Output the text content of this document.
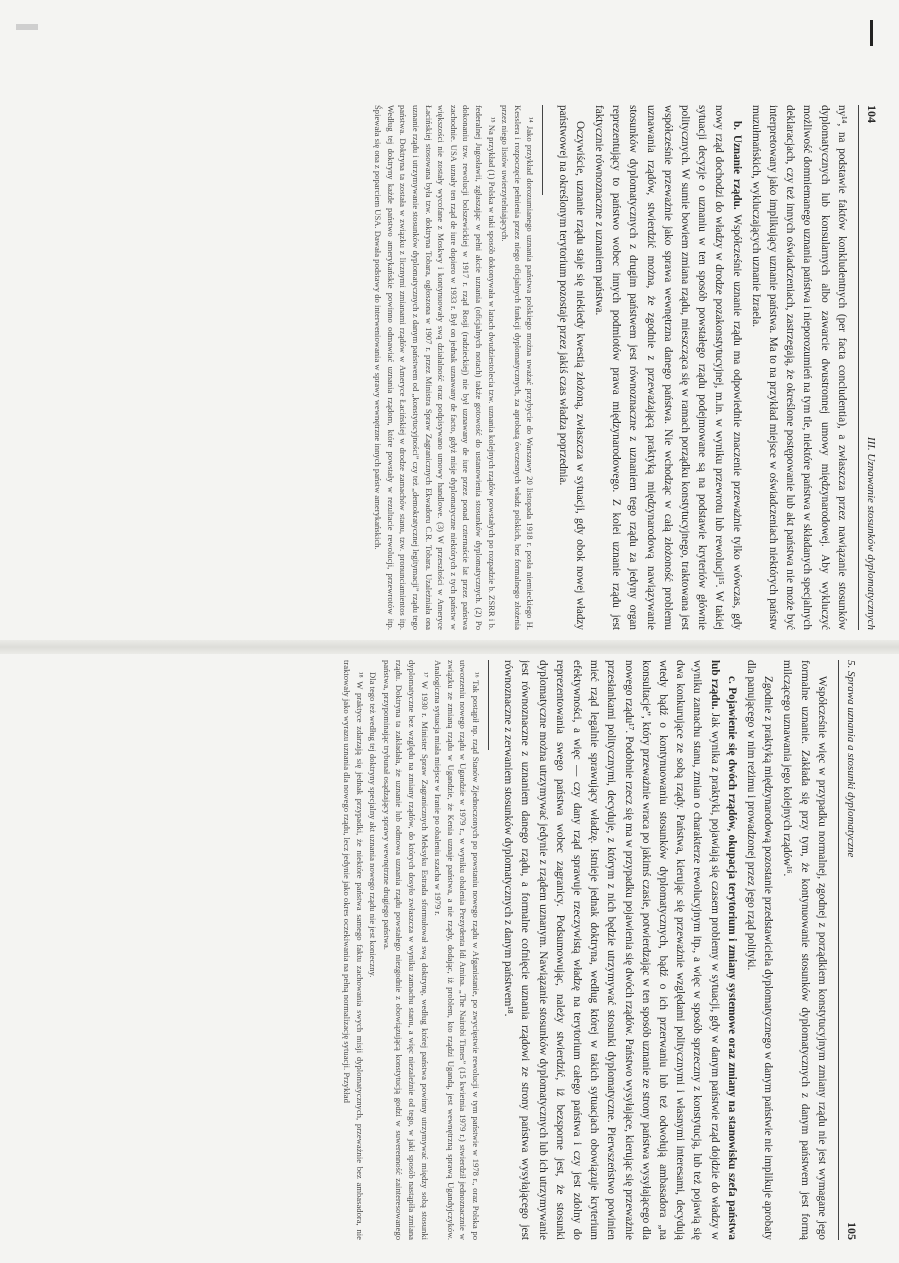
104
III. Uznawanie stosunków dyplomatycznych

ny¹⁴, na podstawie faktów konkludentnych (per facta concludentia), a zwłaszcza przez nawiązanie stosunków dyplomatycznych lub konsularnych albo zawarcie dwustronnej umowy międzynarodowej. Aby wykluczyć możliwość domniemanego uznania państwa i nieporozumień na tym tle, niektóre państwa w składanych specjalnych deklaracjach, czy też innych oświadczeniach, zastrzegają, że określone postępowanie lub akt państwa nie może być interpretowany jako implikujący uznanie państwa. Ma to na przykład miejsce w oświadczeniach niektórych państw muzułmańskich, wykluczających uznanie Izraela.

b. Uznanie rządu. Współcześnie uznanie rządu ma odpowiednie znaczenie przeważnie tylko wówczas, gdy nowy rząd dochodzi do władzy w drodze pozakonstytucyjnej, m.in. w wyniku przewrotu lub rewolucji¹⁵. W takiej sytuacji decyzje o uznaniu w ten sposób powstałego rządu podejmowane są na podstawie kryteriów głównie politycznych. W sumie bowiem zmiana rządu, mieszcząca się w ramach porządku konstytucyjnego, traktowana jest współcześnie przeważnie jako sprawa wewnętrzna danego państwa. Nie wchodząc w całą złożoność problemu uznawania rządów, stwierdzić można, że zgodnie z przeważającą praktyką międzynarodową nawiązywanie stosunków dyplomatycznych z drugim państwem jest równoznaczne z uznaniem tego rządu za jedyny organ reprezentujący to państwo wobec innych podmiotów prawa międzynarodowego. Z kolei uznanie rządu jest faktycznie równoznaczne z uznaniem państwa.

Oczywiście, uznanie rządu staje się niekiedy kwestią złożoną, zwłaszcza w sytuacji, gdy obok nowej władzy państwowej na określonym terytorium pozostaje przez jakiś czas władza poprzednia.

¹⁴ Jako przykład dorozumianego uznania państwa polskiego można uważać przybycie do Warszawy 20 listopada 1918 r. posła niemieckiego H. Kesslera i rozpoczęcie pełnienia przez niego oficjalnych funkcji dyplomatycznych, za aprobatą ówczesnych władz polskich, bez formalnego złożenia przez niego listów uwierzytelniających.

¹⁵ Na przykład (1) Polska w taki sposób dokonywała w latach dwudziestolecia tzw. uznania kolejnych rządów powstałych po rozpadzie b. ZSRR i b. federalnej Jugosławii, zgłaszając w pełni akcie uznania (oficjalnych notach) także gotowość do ustanowienia stosunków dyplomatycznych. (2) Po dokonaniu tzw. rewolucji bolszewickiej w 1917 r. rząd Rosji (radzieckiej) nie był uznawany de iure przez ponad czternaście lat przez państwa zachodnie. USA uznały ten rząd de iure dopiero w 1933 r. Był on jednak uznawany de facto, gdyż misje dyplomatyczne niektórych z tych państw w większości nie zostały wycofane z Moskwy i kontynuowały swą działalność oraz podpisywano umowy handlowe. (3) W przeszłości w Ameryce Łacińskiej stosowana była tzw. doktryna Tobara, ogłoszona w 1907 r. przez Ministra Spraw Zagranicznych Ekwadoru C.R. Tobara. Uzależniała ona uznanie rządu i utrzymywanie stosunków dyplomatycznych z danym państwem od „konstytucyjności” czy też „demokratycznej legitymacji” rządu tego państwa. Doktryna ta została w związku z licznymi zmianami rządów w Ameryce Łacińskiej w drodze zamachów stanu, tzw. pronunciamientos itp. Według tej doktryny każde państwo amerykańskie powinno odmawiać uznania rządom, które powstały w rezultacie rewolucji, przewrotów itp. Śpiewała się ona z poparciem USA. Dawała podstawy do interweniowania w sprawy wewnętrzne innych państw amerykańskich.

5. Sprawa uznania a stosunki dyplomatyczne
105

Współcześnie więc w przypadku normalnej, zgodnej z porządkiem konstytucyjnym zmiany rządu nie jest wymagane jego formalne uznanie. Zakłada się przy tym, że kontynuowanie stosunków dyplomatycznych z danym państwem jest formą milczącego uznawania jego kolejnych rządów¹⁶.

Zgodnie z praktyką międzynarodową pozostanie przedstawiciela dyplomatycznego w danym państwie nie implikuje aprobaty dla panującego w nim reżimu i prowadzonej przez jego rząd polityki.

c. Pojawienie się dwóch rządów, okupacja terytorium i zmiany systemowe oraz zmiany na stanowisku szefa państwa lub rządu. Jak wynika z praktyki, pojawiają się czasem problemy w sytuacji, gdy w danym państwie rząd dojdzie do władzy w wyniku zamachu stanu, zmian o charakterze rewolucyjnym itp., a więc w sposób sprzeczny z konstytucją, lub też pojawią się dwa konkurujące ze sobą rządy. Państwa, kierując się przeważnie względami politycznymi i własnymi interesami, decydują wtedy bądź o kontynuowaniu stosunków dyplomatycznych, bądź o ich przerwaniu lub też odwołują ambasadora „na konsultacje”, który przeważnie wraca po jakimś czasie, potwierdzając w ten sposób uznanie ze strony państwa wysyłającego dla nowego rządu¹⁷. Podobnie rzecz się ma w przypadku pojawienia się dwóch rządów. Państwo wysyłające, kierując się przeważnie przesłankami politycznymi, decyduje, z którym z nich będzie utrzymywać stosunki dyplomatyczne. Pierwszeństwo powinien mieć rząd legalnie sprawujący władzę. Istnieje jednak doktryna, według której w takich sytuacjach obowiązuje kryterium efektywności, a więc — czy dany rząd sprawuje rzeczywistą władzę na terytorium całego państwa i czy jest zdolny do reprezentowania swego państwa wobec zagranicy. Podsumowując, należy stwierdzić, iż bezsporne jest, że stosunki dyplomatyczne można utrzymywać jedynie z rządem uznanym. Nawiązanie stosunków dyplomatycznych lub ich utrzymywanie jest równoznaczne z uznaniem danego rządu, a formalne cofnięcie uznania rządowi ze strony państwa wysyłającego jest równoznaczne z zerwaniem stosunków dyplomatycznych z danym państwem¹⁸.

¹⁶ Tak postąpił np. rząd Stanów Zjednoczonych po powstaniu nowego rządu w Afganistanie, po zwycięstwie rewolucji w tym państwie w 1978 r., oraz Polska po utworzeniu nowego rządu w Ugandzie w 1979 r., w wyniku obalenia Prezydenta Idi Amina. „The Nairobi Times” (15 kwietnia 1979 r.) stwierdził jednoznacznie w związku ze zmianą rządu w Ugandzie, że Kenia uznaje państwa, a nie rządy, dodając, iż problem, kto rządzi Ugandą, jest wewnętrzną sprawą Ugandyjczyków. Analogiczna sytuacja miała miejsce w Iranie po obaleniu szacha w 1979 r.

¹⁷ W 1930 r. Minister Spraw Zagranicznych Meksyku Estrada sformułował swą doktrynę, według której państwa powinny utrzymywać między sobą stosunki dyplomatyczne bez względu na zmiany rządów, do których dosyło zwłaszcza w wyniku zamachu stanu, a więc niezależnie od tego, w jaki sposób nastąpiła zmiana rządu. Doktryna ta zakładała, że uznanie lub odmowa uznania rządu powstałego niezgodnie z obowiązującą konstytucją godzi w suwerenność zainteresowanego państwa, przypominając trybunał osądzający sprawy wewnętrzne drugiego państwa.

Dla tego też według tej doktryny specjalny akt uznania nowego rządu nie jest konieczny.

¹⁸ W praktyce zdarzają się jednak przypadki, że niektóre państwa samego faktu zachowania swych misji dyplomatycznych, przeważnie bez ambasadora, nie traktowały jako wyrazu uznania dla nowego rządu, lecz jedynie jako okres oczekiwania na pełną normalizację sytuacji. Przykład
